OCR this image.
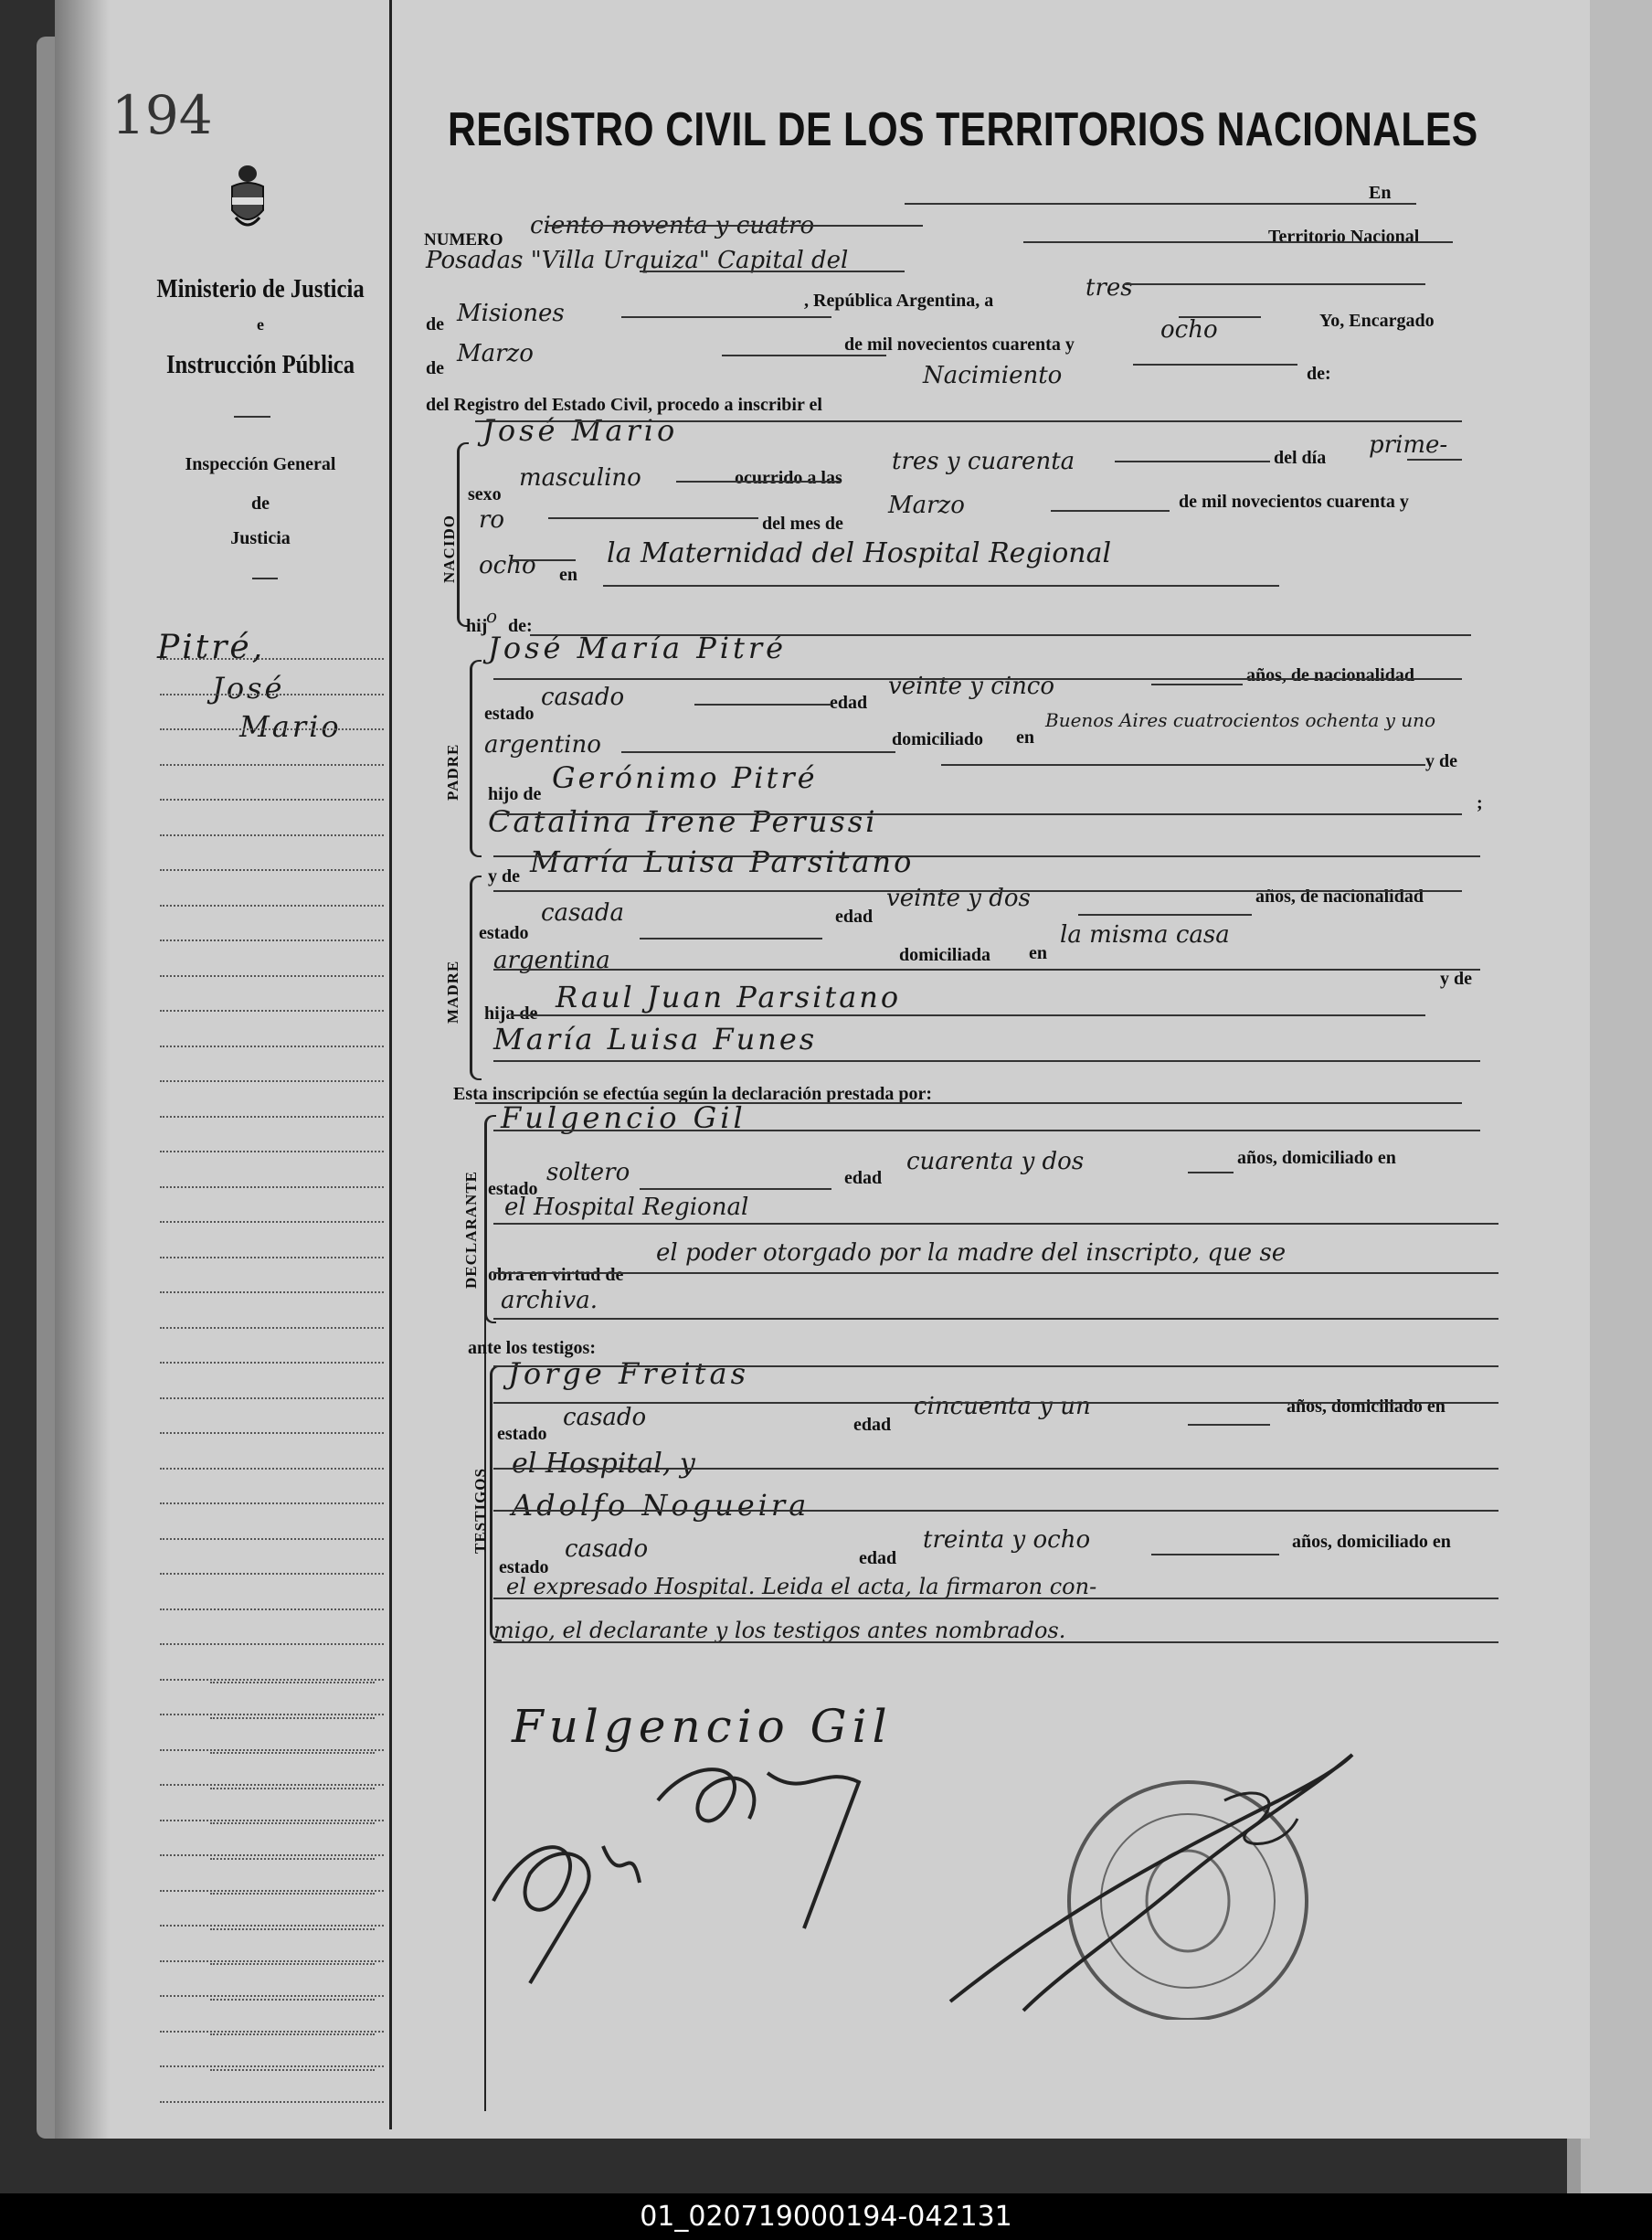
194	REGISTRO CIVIL DE LOS TERRITORIOS NACIONALES
Ministerio de Justicia
e
Instrucción Pública
Inspección General
de
Justicia
Pitré,
José
Mario
En
NUMERO
ciento noventa y cuatro	Territorio Nacional
Posadas "Villa Urquiza" Capital del
de Misiones	, República Argentina, a	tres
de
Marzo	de mil novecientos cuarenta y
ocho	Yo, Encargado
del Registro del Estado Civil, procedo a inscribir el
Nacimiento	de:
NACIDO
José Mario
sexo
masculino	ocurrido a las
tres y cuarenta	del día prime-
ro	del mes de
Marzo	de mil novecientos cuarenta y
ocho en
la Maternidad del Hospital Regional
hij
o de:
PADRE
José María Pitré
estado
casado	edad
veinte y cinco	años, de nacionalidad
argentino	domiciliado en
Buenos Aires cuatrocientos ochenta y uno
hijo de Gerónimo Pitré	y de
Catalina Irene Perussi
;
y de María Luisa Parsitano
MADRE
estado
casada	edad
veinte y dos	años, de nacionalidad
argentina	domiciliada en
la misma casa
hija de Raul Juan Parsitano
y de
María Luisa Funes
Esta inscripción se efectúa según la declaración prestada por:
DECLARANTE
Fulgencio Gil
estado
soltero	edad
cuarenta y dos	años, domiciliado en
el Hospital Regional
obra en virtud de
el poder otorgado por la madre del inscripto, que se
archiva.
ante los testigos:
TESTIGOS
Jorge Freitas
estado
casado	edad
cincuenta y un	años, domiciliado en
el Hospital, y
Adolfo Nogueira
estado
casado	edad
treinta y ocho	años, domiciliado en
el expresado Hospital. Leida el acta, la firmaron con-
migo, el declarante y los testigos antes nombrados.
Fulgencio Gil
01_020719000194-042131
